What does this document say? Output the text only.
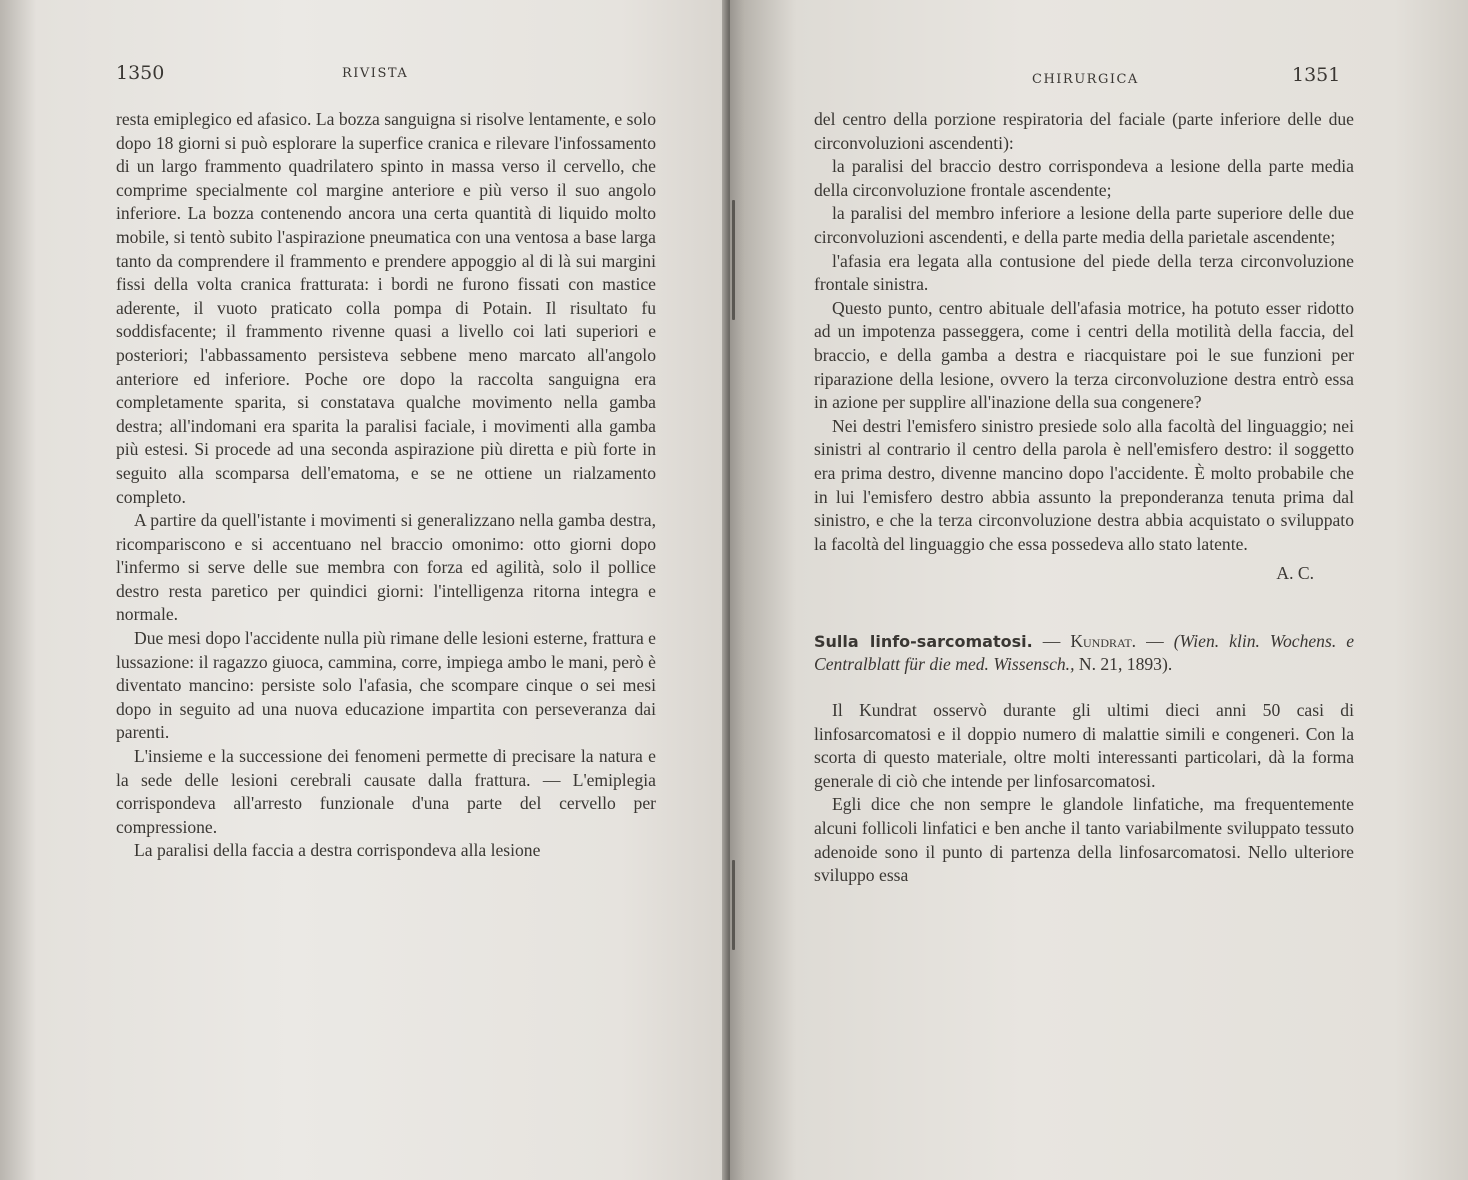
1350	RIVISTA

resta emiplegico ed afasico. La bozza sanguigna si risolve lentamente, e solo dopo 18 giorni si può esplorare la superfice cranica e rilevare l'infossamento di un largo frammento quadrilatero spinto in massa verso il cervello, che comprime specialmente col margine anteriore e più verso il suo angolo inferiore. La bozza contenendo ancora una certa quantità di liquido molto mobile, si tentò subito l'aspirazione pneumatica con una ventosa a base larga tanto da comprendere il frammento e prendere appoggio al di là sui margini fissi della volta cranica fratturata: i bordi ne furono fissati con mastice aderente, il vuoto praticato colla pompa di Potain. Il risultato fu soddisfacente; il frammento rivenne quasi a livello coi lati superiori e posteriori; l'abbassamento persisteva sebbene meno marcato all'angolo anteriore ed inferiore. Poche ore dopo la raccolta sanguigna era completamente sparita, si constatava qualche movimento nella gamba destra; all'indomani era sparita la paralisi faciale, i movimenti alla gamba più estesi. Si procede ad una seconda aspirazione più diretta e più forte in seguito alla scomparsa dell'ematoma, e se ne ottiene un rialzamento completo.

A partire da quell'istante i movimenti si generalizzano nella gamba destra, ricompariscono e si accentuano nel braccio omonimo: otto giorni dopo l'infermo si serve delle sue membra con forza ed agilità, solo il pollice destro resta paretico per quindici giorni: l'intelligenza ritorna integra e normale.

Due mesi dopo l'accidente nulla più rimane delle lesioni esterne, frattura e lussazione: il ragazzo giuoca, cammina, corre, impiega ambo le mani, però è diventato mancino: persiste solo l'afasia, che scompare cinque o sei mesi dopo in seguito ad una nuova educazione impartita con perseveranza dai parenti.

L'insieme e la successione dei fenomeni permette di precisare la natura e la sede delle lesioni cerebrali causate dalla frattura. — L'emiplegia corrispondeva all'arresto funzionale d'una parte del cervello per compressione.

La paralisi della faccia a destra corrispondeva alla lesione

CHIRURGICA	1351

del centro della porzione respiratoria del faciale (parte inferiore delle due circonvoluzioni ascendenti):

la paralisi del braccio destro corrispondeva a lesione della parte media della circonvoluzione frontale ascendente;

la paralisi del membro inferiore a lesione della parte superiore delle due circonvoluzioni ascendenti, e della parte media della parietale ascendente;

l'afasia era legata alla contusione del piede della terza circonvoluzione frontale sinistra.

Questo punto, centro abituale dell'afasia motrice, ha potuto esser ridotto ad un impotenza passeggera, come i centri della motilità della faccia, del braccio, e della gamba a destra e riacquistare poi le sue funzioni per riparazione della lesione, ovvero la terza circonvoluzione destra entrò essa in azione per supplire all'inazione della sua congenere?

Nei destri l'emisfero sinistro presiede solo alla facoltà del linguaggio; nei sinistri al contrario il centro della parola è nell'emisfero destro: il soggetto era prima destro, divenne mancino dopo l'accidente. È molto probabile che in lui l'emisfero destro abbia assunto la preponderanza tenuta prima dal sinistro, e che la terza circonvoluzione destra abbia acquistato o sviluppato la facoltà del linguaggio che essa possedeva allo stato latente.

A. C.

Sulla linfo-sarcomatosi. — Kundrat. — (Wien. klin. Wochens. e Centralblatt für die med. Wissensch., N. 21, 1893).

Il Kundrat osservò durante gli ultimi dieci anni 50 casi di linfosarcomatosi e il doppio numero di malattie simili e congeneri. Con la scorta di questo materiale, oltre molti interessanti particolari, dà la forma generale di ciò che intende per linfosarcomatosi.

Egli dice che non sempre le glandole linfatiche, ma frequentemente alcuni follicoli linfatici e ben anche il tanto variabilmente sviluppato tessuto adenoide sono il punto di partenza della linfosarcomatosi. Nello ulteriore sviluppo essa
